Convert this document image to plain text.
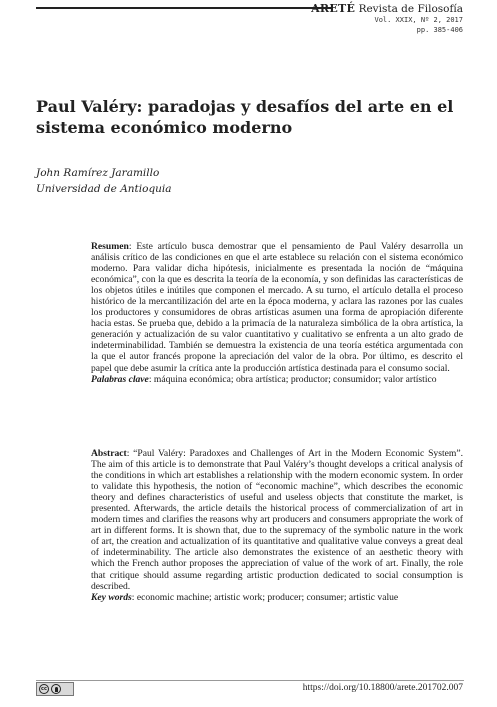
ARETÉ Revista de Filosofía
Vol. XXIX, Nº 2, 2017
pp. 385-406
Paul Valéry: paradojas y desafíos del arte en el sistema económico moderno
John Ramírez Jaramillo
Universidad de Antioquia

Resumen: Este artículo busca demostrar que el pensamiento de Paul Valéry desarrolla un análisis crítico de las condiciones en que el arte establece su relación con el sistema económico moderno. Para validar dicha hipótesis, inicialmente es presentada la noción de “máquina económica”, con la que es descrita la teoría de la economía, y son definidas las características de los objetos útiles e inútiles que componen el mercado. A su turno, el artículo detalla el proceso histórico de la mercantilización del arte en la época moderna, y aclara las razones por las cuales los productores y consumidores de obras artísticas asumen una forma de apropiación diferente hacia estas. Se prueba que, debido a la primacía de la naturaleza simbólica de la obra artística, la generación y actualización de su valor cuantitativo y cualitativo se enfrenta a un alto grado de indeterminabilidad. También se demuestra la existencia de una teoría estética argumentada con la que el autor francés propone la apreciación del valor de la obra. Por último, es descrito el papel que debe asumir la crítica ante la producción artística destinada para el consumo social.

Palabras clave: máquina económica; obra artística; productor; consumidor; valor artístico

Abstract: “Paul Valéry: Paradoxes and Challenges of Art in the Modern Economic System”. The aim of this article is to demonstrate that Paul Valéry’s thought develops a critical analysis of the conditions in which art establishes a relationship with the modern economic system. In order to validate this hypothesis, the notion of “economic machine”, which describes the economic theory and defines characteristics of useful and useless objects that constitute the market, is presented. Afterwards, the article details the historical process of commercialization of art in modern times and clarifies the reasons why art producers and consumers appropriate the work of art in different forms. It is shown that, due to the supremacy of the symbolic nature in the work of art, the creation and actualization of its quantitative and qualitative value conveys a great deal of indeterminability. The article also demonstrates the existence of an aesthetic theory with which the French author proposes the appreciation of value of the work of art. Finally, the role that critique should assume regarding artistic production dedicated to social consumption is described.

Key words: economic machine; artistic work; producer; consumer; artistic value

cc	https://doi.org/10.18800/arete.201702.007
